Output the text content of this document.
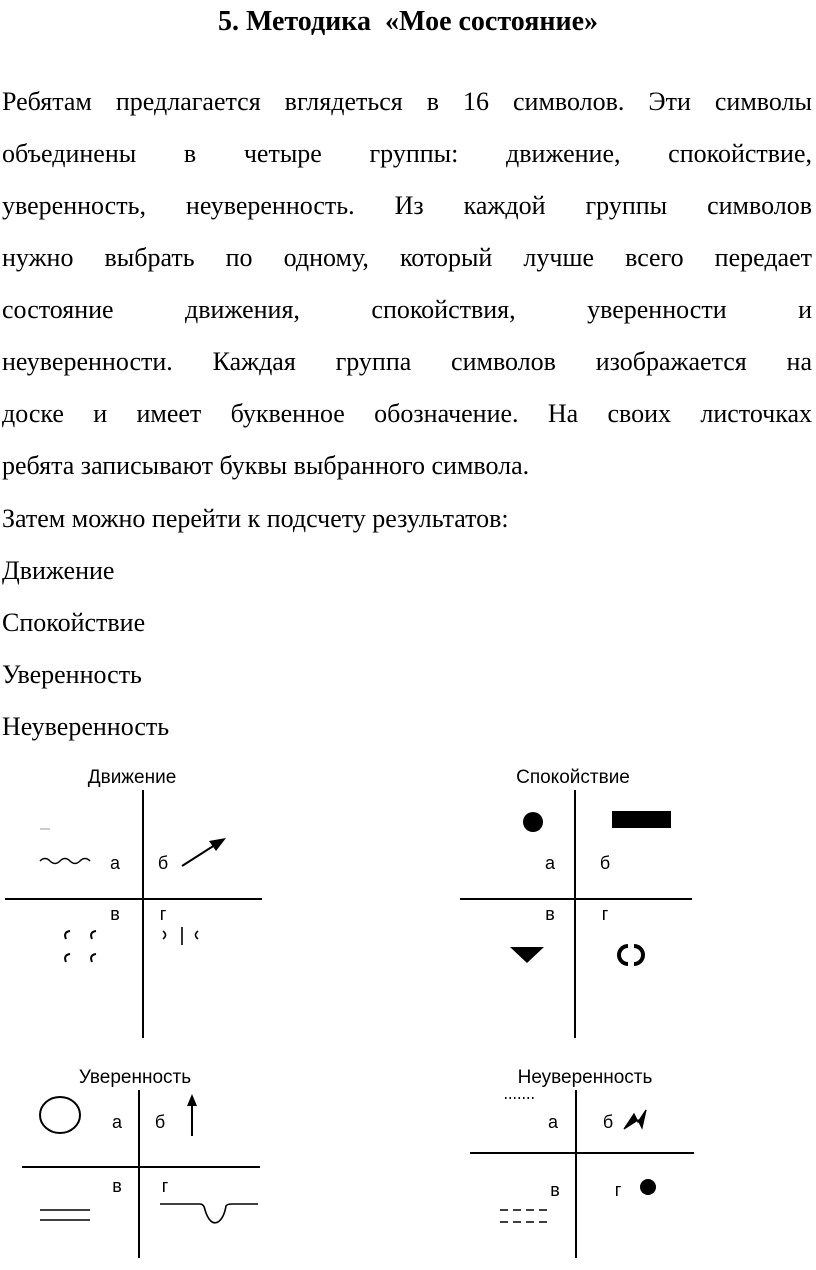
5. Методика  «Мое состояние»
Ребятам предлагается вглядеться в 16 символов. Эти символы
объединены в четыре группы: движение, спокойствие,
уверенность, неуверенность. Из каждой группы символов
нужно выбрать по одному, который лучше всего передает
состояние движения, спокойствия, уверенности и
неуверенности. Каждая группа символов изображается на
доске и имеет буквенное обозначение. На своих листочках
ребята записывают буквы выбранного символа.
Затем можно перейти к подсчету результатов:
Движение
Спокойствие
Уверенность
Неуверенность
Движение
а б
в г
Спокойствие
а б
в	г
Уверенность
а б
в г
Неуверенность
а б
в	г
